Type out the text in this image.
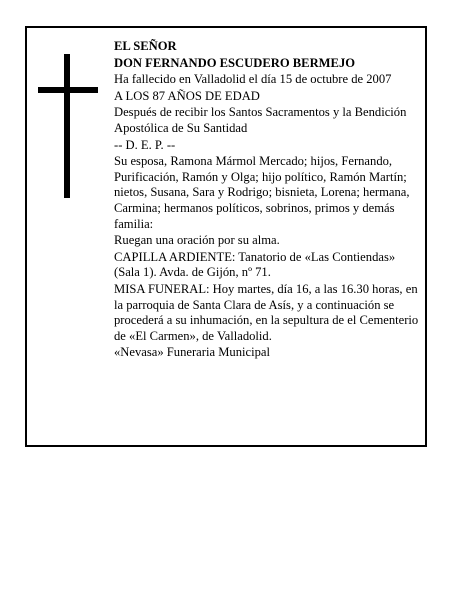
EL SEÑOR

DON FERNANDO ESCUDERO BERMEJO

Ha fallecido en Valladolid el día 15 de octubre de 2007

A LOS 87 AÑOS DE EDAD

Después de recibir los Santos Sacramentos y la Bendición Apostólica de Su Santidad

-- D. E. P. --

Su esposa, Ramona Mármol Mercado; hijos, Fernando, Purificación, Ramón y Olga; hijo político, Ramón Martín; nietos, Susana, Sara y Rodrigo; bisnieta, Lorena; hermana, Carmina; hermanos políticos, sobrinos, primos y demás familia:

Ruegan una oración por su alma.

CAPILLA ARDIENTE: Tanatorio de «Las Contiendas» (Sala 1). Avda. de Gijón, nº 71.

MISA FUNERAL: Hoy martes, día 16, a las 16.30 horas, en la parroquia de Santa Clara de Asís, y a continuación se procederá a su inhumación, en la sepultura de el Cementerio de «El Carmen», de Valladolid.

«Nevasa» Funeraria Municipal
